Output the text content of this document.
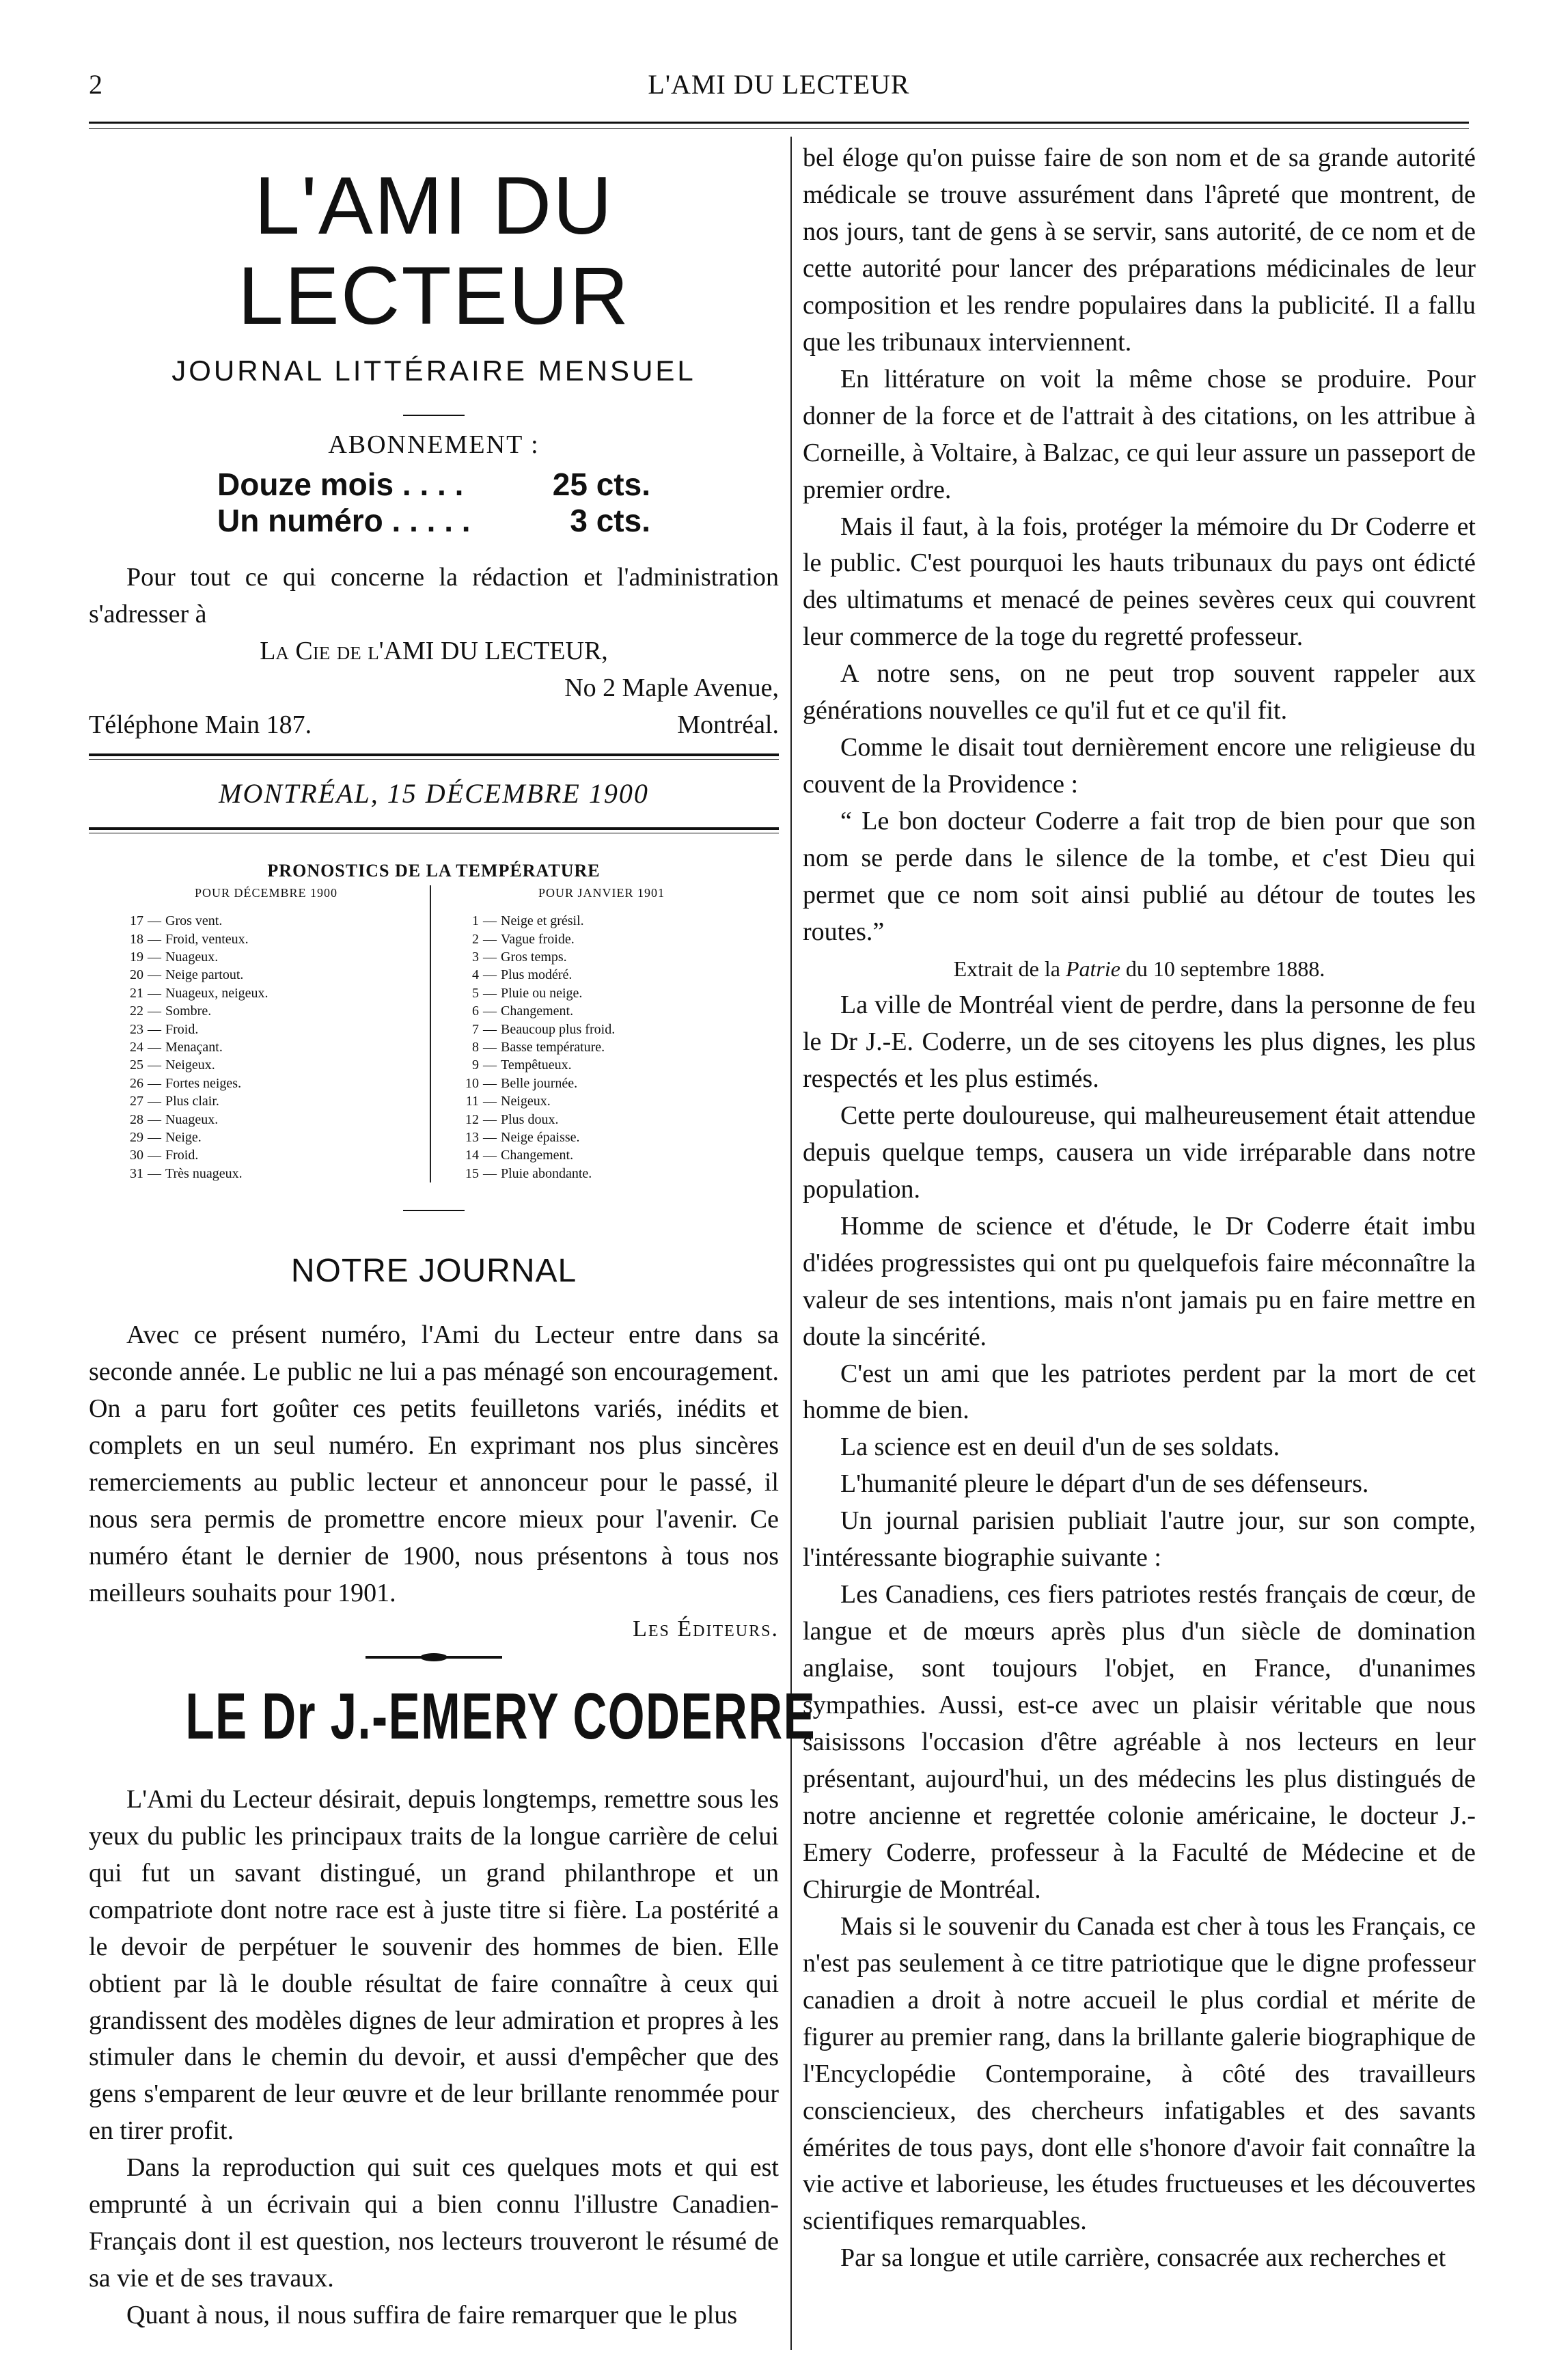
2	L'AMI DU LECTEUR
L'AMI DU LECTEUR
JOURNAL LITTÉRAIRE MENSUEL
ABONNEMENT :
Douze mois . . . .	25 cts.
Un numéro . . . . .	3 cts.

Pour tout ce qui concerne la rédaction et l'administration s'adresser à

La Cie de l'AMI DU LECTEUR,
No 2 Maple Avenue,
Téléphone Main 187.	Montréal.
MONTRÉAL, 15 DÉCEMBRE 1900
PRONOSTICS DE LA TEMPÉRATURE
POUR DÉCEMBRE 1900
17 — Gros vent.
18 — Froid, venteux.
19 — Nuageux.
20 — Neige partout.
21 — Nuageux, neigeux.
22 — Sombre.
23 — Froid.
24 — Menaçant.
25 — Neigeux.
26 — Fortes neiges.
27 — Plus clair.
28 — Nuageux.
29 — Neige.
30 — Froid.
31 — Très nuageux.
POUR JANVIER 1901
1 — Neige et grésil.
2 — Vague froide.
3 — Gros temps.
4 — Plus modéré.
5 — Pluie ou neige.
6 — Changement.
7 — Beaucoup plus froid.
8 — Basse température.
9 — Tempêtueux.
10 — Belle journée.
11 — Neigeux.
12 — Plus doux.
13 — Neige épaisse.
14 — Changement.
15 — Pluie abondante.
NOTRE JOURNAL

Avec ce présent numéro, l'Ami du Lecteur entre dans sa seconde année. Le public ne lui a pas ménagé son encouragement. On a paru fort goûter ces petits feuilletons variés, inédits et complets en un seul numéro. En exprimant nos plus sincères remerciements au public lecteur et annonceur pour le passé, il nous sera permis de promettre encore mieux pour l'avenir. Ce numéro étant le dernier de 1900, nous présentons à tous nos meilleurs souhaits pour 1901.

Les Éditeurs.
LE Dr J.-EMERY CODERRE

L'Ami du Lecteur désirait, depuis longtemps, remettre sous les yeux du public les principaux traits de la longue carrière de celui qui fut un savant distingué, un grand philanthrope et un compatriote dont notre race est à juste titre si fière. La postérité a le devoir de perpétuer le souvenir des hommes de bien. Elle obtient par là le double résultat de faire connaître à ceux qui grandissent des modèles dignes de leur admiration et propres à les stimuler dans le chemin du devoir, et aussi d'empêcher que des gens s'emparent de leur œuvre et de leur brillante renommée pour en tirer profit.

Dans la reproduction qui suit ces quelques mots et qui est emprunté à un écrivain qui a bien connu l'illustre Canadien-Français dont il est question, nos lecteurs trouveront le résumé de sa vie et de ses travaux.

Quant à nous, il nous suffira de faire remarquer que le plus

bel éloge qu'on puisse faire de son nom et de sa grande autorité médicale se trouve assurément dans l'âpreté que montrent, de nos jours, tant de gens à se servir, sans autorité, de ce nom et de cette autorité pour lancer des préparations médicinales de leur composition et les rendre populaires dans la publicité. Il a fallu que les tribunaux interviennent.

En littérature on voit la même chose se produire. Pour donner de la force et de l'attrait à des citations, on les attribue à Corneille, à Voltaire, à Balzac, ce qui leur assure un passeport de premier ordre.

Mais il faut, à la fois, protéger la mémoire du Dr Coderre et le public. C'est pourquoi les hauts tribunaux du pays ont édicté des ultimatums et menacé de peines sevères ceux qui couvrent leur commerce de la toge du regretté professeur.

A notre sens, on ne peut trop souvent rappeler aux générations nouvelles ce qu'il fut et ce qu'il fit.

Comme le disait tout dernièrement encore une religieuse du couvent de la Providence :

“ Le bon docteur Coderre a fait trop de bien pour que son nom se perde dans le silence de la tombe, et c'est Dieu qui permet que ce nom soit ainsi publié au détour de toutes les routes.”

Extrait de la Patrie du 10 septembre 1888.

La ville de Montréal vient de perdre, dans la personne de feu le Dr J.-E. Coderre, un de ses citoyens les plus dignes, les plus respectés et les plus estimés.

Cette perte douloureuse, qui malheureusement était attendue depuis quelque temps, causera un vide irréparable dans notre population.

Homme de science et d'étude, le Dr Coderre était imbu d'idées progressistes qui ont pu quelquefois faire méconnaître la valeur de ses intentions, mais n'ont jamais pu en faire mettre en doute la sincérité.

C'est un ami que les patriotes perdent par la mort de cet homme de bien.

La science est en deuil d'un de ses soldats.

L'humanité pleure le départ d'un de ses défenseurs.

Un journal parisien publiait l'autre jour, sur son compte, l'intéressante biographie suivante :

Les Canadiens, ces fiers patriotes restés français de cœur, de langue et de mœurs après plus d'un siècle de domination anglaise, sont toujours l'objet, en France, d'unanimes sympathies. Aussi, est-ce avec un plaisir véritable que nous saisissons l'occasion d'être agréable à nos lecteurs en leur présentant, aujourd'hui, un des médecins les plus distingués de notre ancienne et regrettée colonie américaine, le docteur J.-Emery Coderre, professeur à la Faculté de Médecine et de Chirurgie de Montréal.

Mais si le souvenir du Canada est cher à tous les Français, ce n'est pas seulement à ce titre patriotique que le digne professeur canadien a droit à notre accueil le plus cordial et mérite de figurer au premier rang, dans la brillante galerie biographique de l'Encyclopédie Contemporaine, à côté des travailleurs consciencieux, des chercheurs infatigables et des savants émérites de tous pays, dont elle s'honore d'avoir fait connaître la vie active et laborieuse, les études fructueuses et les découvertes scientifiques remarquables.

Par sa longue et utile carrière, consacrée aux recherches et
